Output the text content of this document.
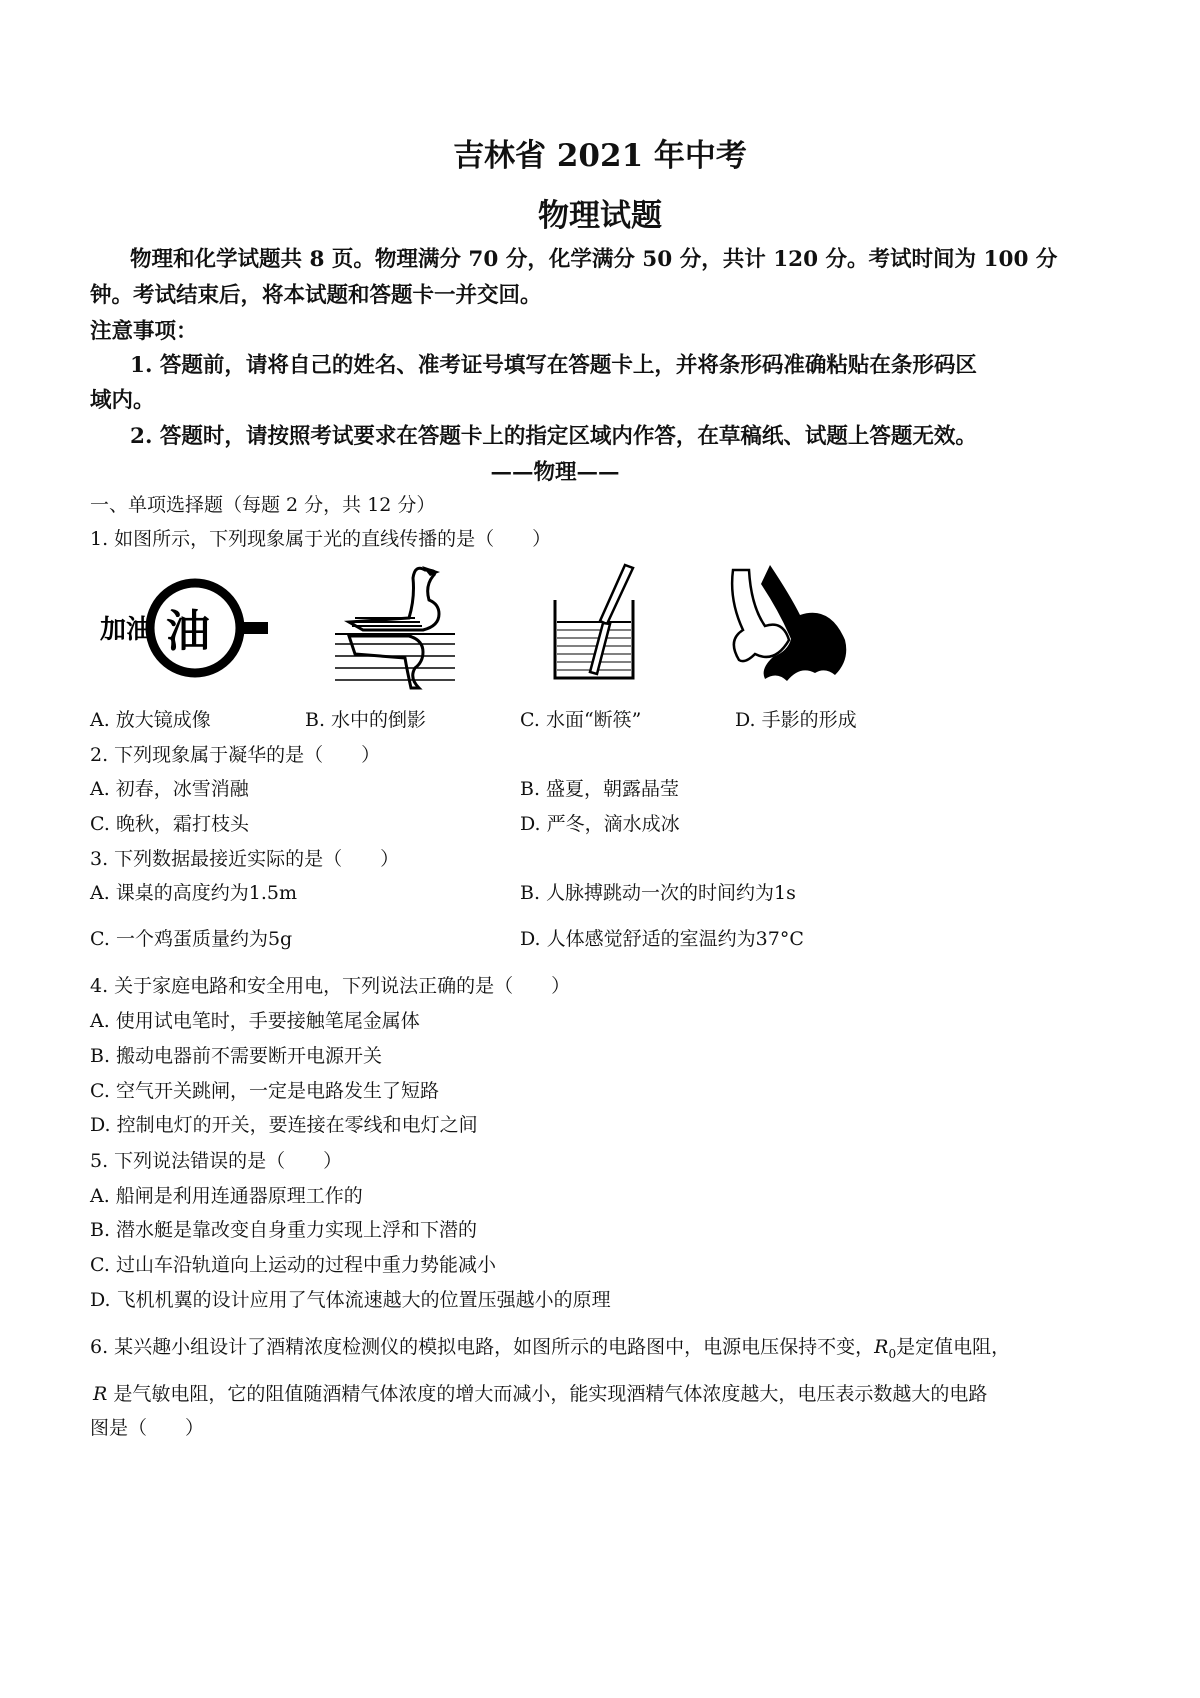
吉林省 2021 年中考
物理试题
物理和化学试题共 8 页。物理满分 70 分，化学满分 50 分，共计 120 分。考试时间为 100 分
钟。考试结束后，将本试题和答题卡一并交回。
注意事项：
1. 答题前，请将自己的姓名、准考证号填写在答题卡上，并将条形码准确粘贴在条形码区
域内。
2. 答题时，请按照考试要求在答题卡上的指定区域内作答，在草稿纸、试题上答题无效。
——物理——
一、单项选择题（每题 2 分，共 12 分）
1. 如图所示，下列现象属于光的直线传播的是（　　）
加油 油
A. 放大镜成像	B. 水中的倒影	C. 水面“断筷”	D. 手影的形成
2. 下列现象属于凝华的是（　　）
A. 初春，冰雪消融	B. 盛夏，朝露晶莹
C. 晚秋，霜打枝头	D. 严冬，滴水成冰
3. 下列数据最接近实际的是（　　）
A. 课桌的高度约为1.5m	B. 人脉搏跳动一次的时间约为1s
C. 一个鸡蛋质量约为5g	D. 人体感觉舒适的室温约为37°C
4. 关于家庭电路和安全用电，下列说法正确的是（　　）
A. 使用试电笔时，手要接触笔尾金属体
B. 搬动电器前不需要断开电源开关
C. 空气开关跳闸，一定是电路发生了短路
D. 控制电灯的开关，要连接在零线和电灯之间
5. 下列说法错误的是（　　）
A. 船闸是利用连通器原理工作的
B. 潜水艇是靠改变自身重力实现上浮和下潜的
C. 过山车沿轨道向上运动的过程中重力势能减小
D. 飞机机翼的设计应用了气体流速越大的位置压强越小的原理
6. 某兴趣小组设计了酒精浓度检测仪的模拟电路，如图所示的电路图中，电源电压保持不变，$R_0$是定值电阻，
R 是气敏电阻，它的阻值随酒精气体浓度的增大而减小，能实现酒精气体浓度越大，电压表示数越大的电路
图是（　　）
